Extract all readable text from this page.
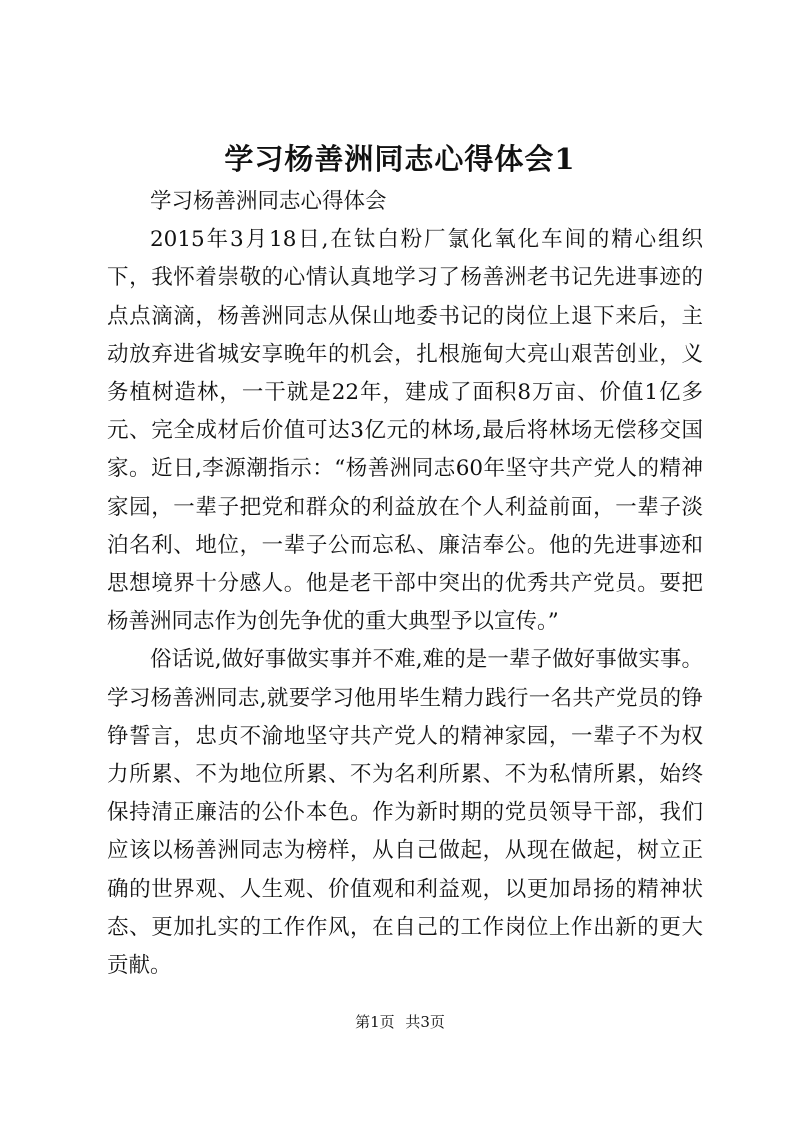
学习杨善洲同志心得体会1

学习杨善洲同志心得体会

2015年3月18日,在钛白粉厂氯化氧化车间的精心组织下，我怀着崇敬的心情认真地学习了杨善洲老书记先进事迹的点点滴滴，杨善洲同志从保山地委书记的岗位上退下来后，主动放弃进省城安享晚年的机会，扎根施甸大亮山艰苦创业，义务植树造林，一干就是22年，建成了面积8万亩、价值1亿多元、完全成材后价值可达3亿元的林场,最后将林场无偿移交国家。近日,李源潮指示：“杨善洲同志60年坚守共产党人的精神家园，一辈子把党和群众的利益放在个人利益前面，一辈子淡泊名利、地位，一辈子公而忘私、廉洁奉公。他的先进事迹和思想境界十分感人。他是老干部中突出的优秀共产党员。要把杨善洲同志作为创先争优的重大典型予以宣传。”

俗话说,做好事做实事并不难,难的是一辈子做好事做实事。学习杨善洲同志,就要学习他用毕生精力践行一名共产党员的铮铮誓言，忠贞不渝地坚守共产党人的精神家园，一辈子不为权力所累、不为地位所累、不为名利所累、不为私情所累，始终保持清正廉洁的公仆本色。作为新时期的党员领导干部，我们应该以杨善洲同志为榜样，从自己做起，从现在做起，树立正确的世界观、人生观、价值观和利益观，以更加昂扬的精神状态、更加扎实的工作作风，在自己的工作岗位上作出新的更大贡献。

第1页 共3页
